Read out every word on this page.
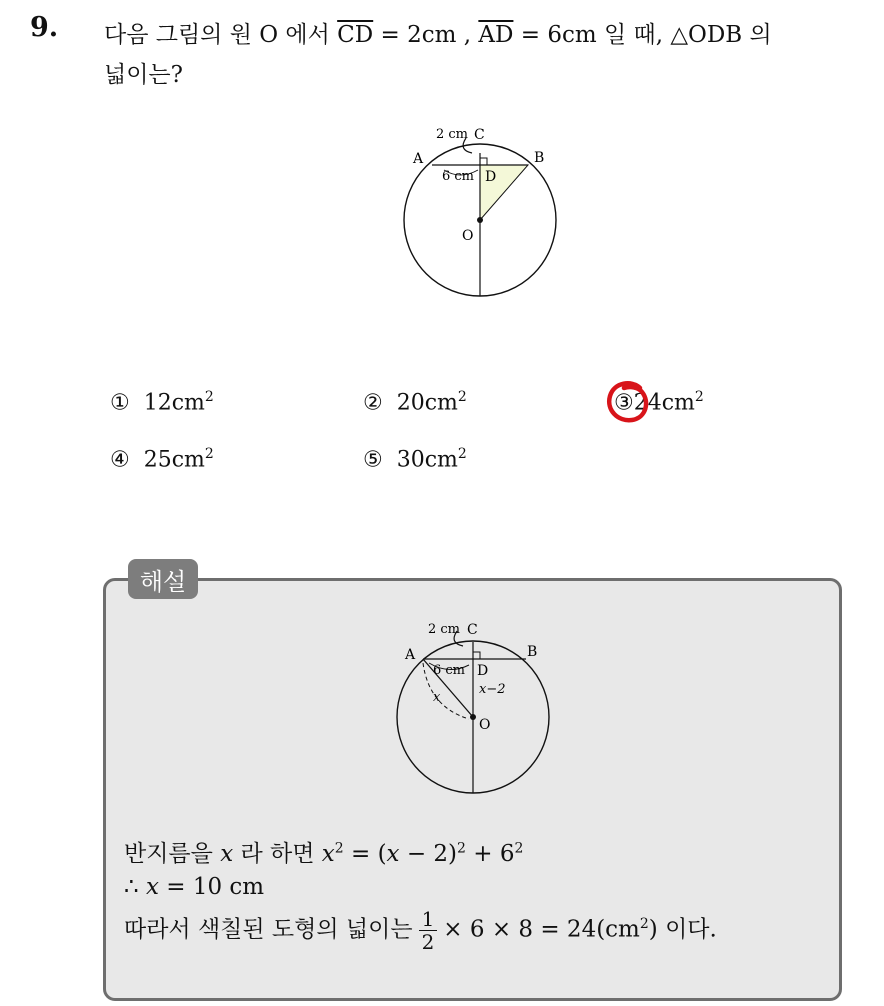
9. 다음 그림의 원 O 에서 $\overline{CD} = 2cm$ , $\overline{AD} = 6cm$ 일 때, △ODB 의
넓이는?
2 cm C
A	B
6 cm D
O
① $12cm^2$	② $20cm^2$	$③24cm^2$
④ $25cm^2$	⑤ $30cm^2$
해설
2 cm C
A	B
6 cm D
x−2
x
O
반지름을 x 라 하면 $x^2 = (x - 2)^2 + 6^2$
∴ x = 10 cm
따라서 색칠된 도형의 넓이는 $\frac{1}{2} \times 6 \times 8 = 24(cm^2)$ 이다.
